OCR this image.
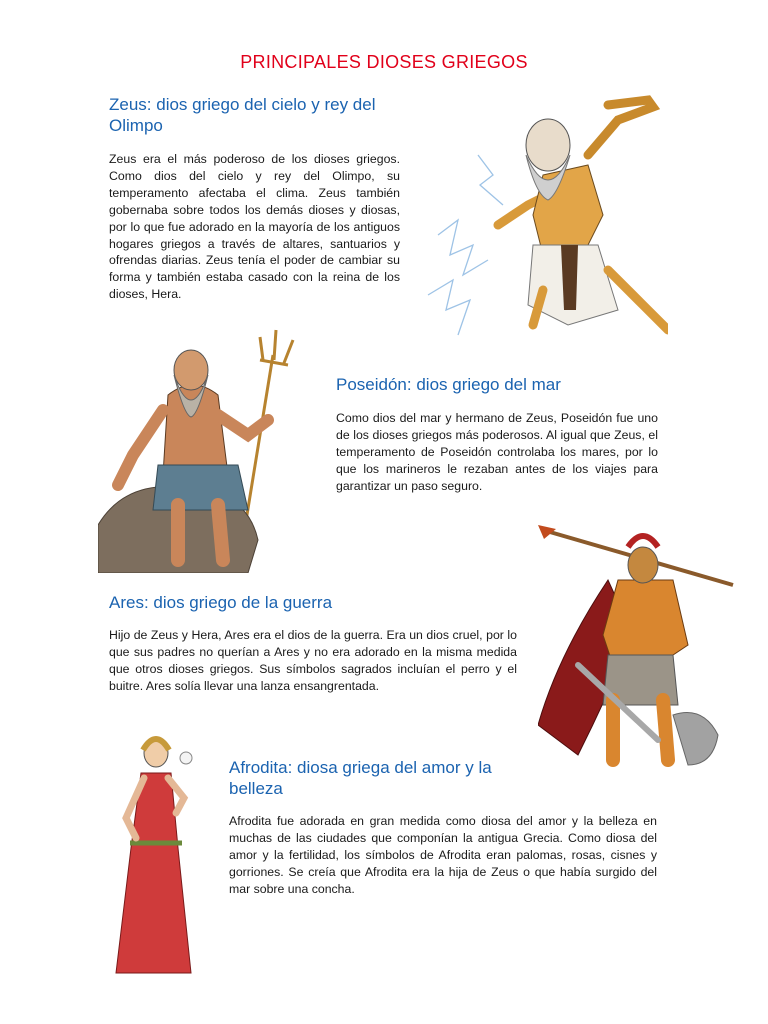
PRINCIPALES DIOSES GRIEGOS
Zeus: dios griego del cielo y rey del Olimpo
Zeus era el más poderoso de los dioses griegos. Como dios del cielo y rey del Olimpo, su temperamento afectaba el clima. Zeus también gobernaba sobre todos los demás dioses y diosas, por lo que fue adorado en la mayoría de los antiguos hogares griegos a través de altares, santuarios y ofrendas diarias. Zeus tenía el poder de cambiar su forma y también estaba casado con la reina de los dioses, Hera.
Poseidón: dios griego del mar
Como dios del mar y hermano de Zeus, Poseidón fue uno de los dioses griegos más poderosos. Al igual que Zeus, el temperamento de Poseidón controlaba los mares, por lo que los marineros le rezaban antes de los viajes para garantizar un paso seguro.
Ares: dios griego de la guerra
Hijo de Zeus y Hera, Ares era el dios de la guerra. Era un dios cruel, por lo que sus padres no querían a Ares y no era adorado en la misma medida que otros dioses griegos. Sus símbolos sagrados incluían el perro y el buitre. Ares solía llevar una lanza ensangrentada.
Afrodita: diosa griega del amor y la belleza
Afrodita fue adorada en gran medida como diosa del amor y la belleza en muchas de las ciudades que componían la antigua Grecia. Como diosa del amor y la fertilidad, los símbolos de Afrodita eran palomas, rosas, cisnes y gorriones. Se creía que Afrodita era la hija de Zeus o que había surgido del mar sobre una concha.
